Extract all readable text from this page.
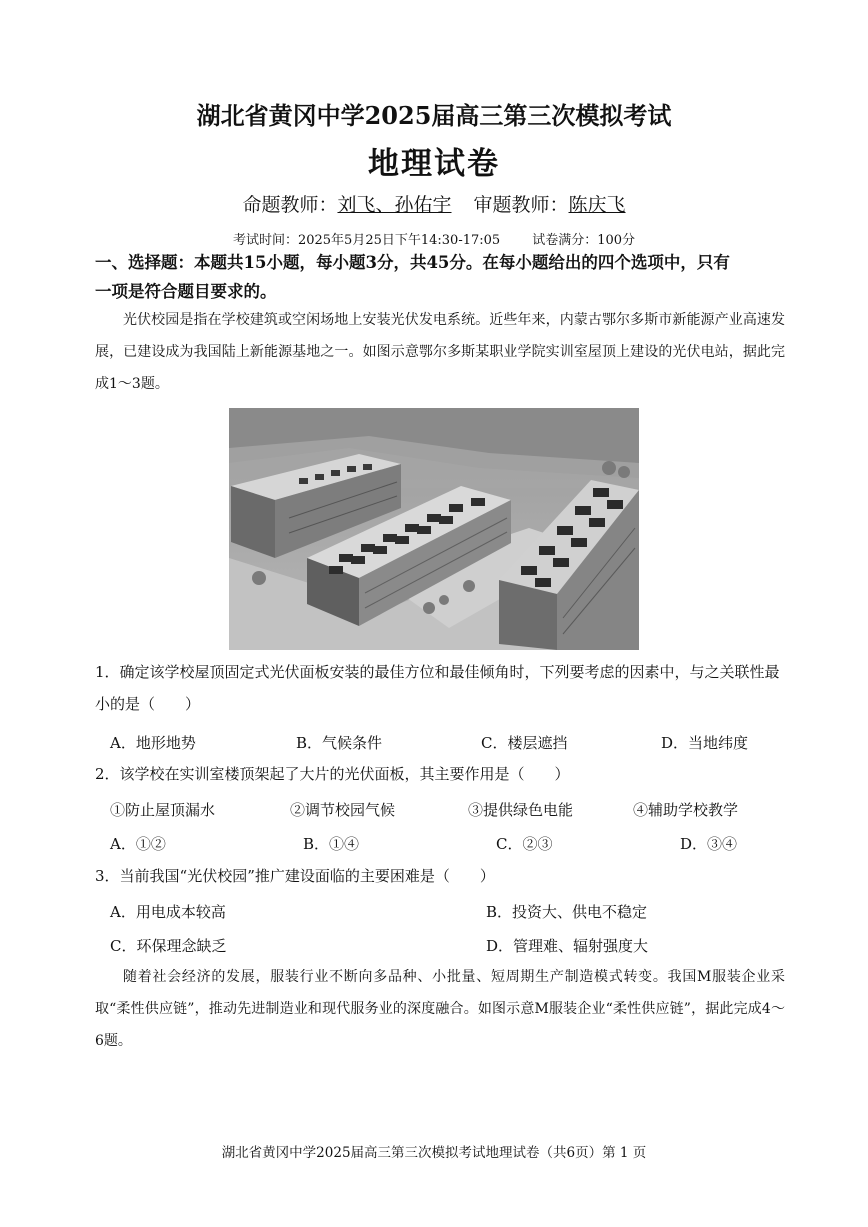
湖北省黄冈中学2025届高三第三次模拟考试
地理试卷
命题教师：刘飞、孙佑宇 审题教师：陈庆飞
考试时间：2025年5月25日下午14:30-17:05 试卷满分：100分
一、选择题：本题共15小题，每小题3分，共45分。在每小题给出的四个选项中，只有
一项是符合题目要求的。
光伏校园是指在学校建筑或空闲场地上安装光伏发电系统。近些年来，内蒙古鄂尔多斯市新能源产业高速发展，已建设成为我国陆上新能源基地之一。如图示意鄂尔多斯某职业学院实训室屋顶上建设的光伏电站，据此完成1～3题。
1．确定该学校屋顶固定式光伏面板安装的最佳方位和最佳倾角时，下列要考虑的因素中，与之关联性最小的是（　　）
A．地形地势	B．气候条件	C．楼层遮挡	D．当地纬度
2．该学校在实训室楼顶架起了大片的光伏面板，其主要作用是（　　）
①防止屋顶漏水	②调节校园气候	③提供绿色电能	④辅助学校教学
A．①②	B．①④	C．②③	D．③④
3．当前我国“光伏校园”推广建设面临的主要困难是（　　）
A．用电成本较高	B．投资大、供电不稳定
C．环保理念缺乏	D．管理难、辐射强度大
随着社会经济的发展，服装行业不断向多品种、小批量、短周期生产制造模式转变。我国M服装企业采取“柔性供应链”，推动先进制造业和现代服务业的深度融合。如图示意M服装企业“柔性供应链”，据此完成4～6题。
湖北省黄冈中学2025届高三第三次模拟考试地理试卷（共6页）第 1 页
